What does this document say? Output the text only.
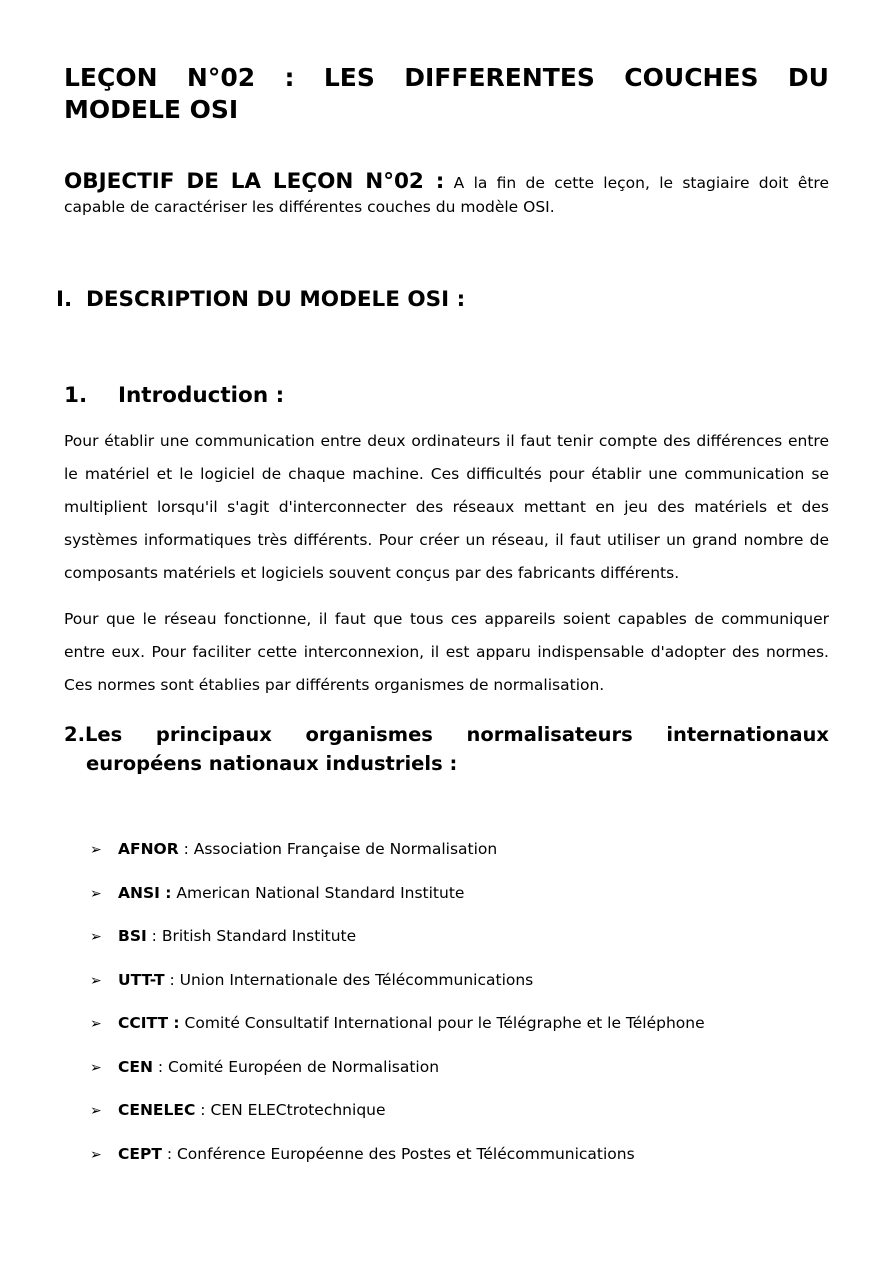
LEÇON N°02 : LES DIFFERENTES COUCHES DU MODELE OSI

OBJECTIF DE LA LEÇON N°02 : A la fin de cette leçon, le stagiaire doit être capable de caractériser les différentes couches du modèle OSI.

I. DESCRIPTION DU MODELE OSI :
1. Introduction :

Pour établir une communication entre deux ordinateurs il faut tenir compte des différences entre le matériel et le logiciel de chaque machine. Ces difficultés pour établir une communication se multiplient lorsqu'il s'agit d'interconnecter des réseaux mettant en jeu des matériels et des systèmes informatiques très différents. Pour créer un réseau, il faut utiliser un grand nombre de composants matériels et logiciels souvent conçus par des fabricants différents.

Pour que le réseau fonctionne, il faut que tous ces appareils soient capables de communiquer entre eux. Pour faciliter cette interconnexion, il est apparu indispensable d'adopter des normes. Ces normes sont établies par différents organismes de normalisation.

2.Les principaux organismes normalisateurs internationaux européens nationaux industriels :
➢ AFNOR : Association Française de Normalisation
➢ ANSI : American National Standard Institute
➢ BSI : British Standard Institute
➢ UTT-T : Union Internationale des Télécommunications
➢ CCITT : Comité Consultatif International pour le Télégraphe et le Téléphone
➢ CEN : Comité Européen de Normalisation
➢ CENELEC : CEN ELECtrotechnique
➢ CEPT : Conférence Européenne des Postes et Télécommunications
